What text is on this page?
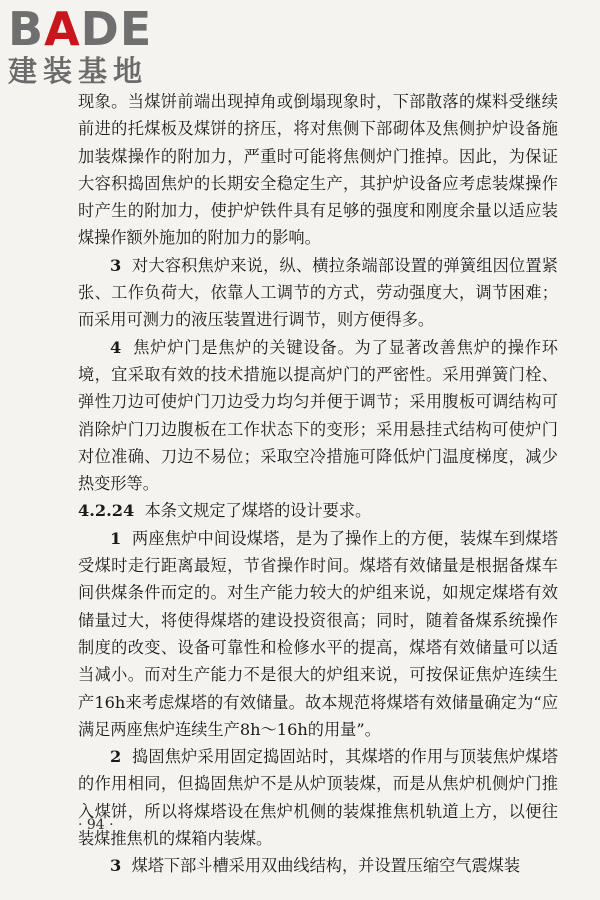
BADE
建装基地

现象。当煤饼前端出现掉角或倒塌现象时，下部散落的煤料受继续前进的托煤板及煤饼的挤压，将对焦侧下部砌体及焦侧护炉设备施加装煤操作的附加力，严重时可能将焦侧炉门推掉。因此，为保证大容积捣固焦炉的长期安全稳定生产，其护炉设备应考虑装煤操作时产生的附加力，使护炉铁件具有足够的强度和刚度余量以适应装煤操作额外施加的附加力的影响。

3 对大容积焦炉来说，纵、横拉条端部设置的弹簧组因位置紧张、工作负荷大，依靠人工调节的方式，劳动强度大，调节困难；而采用可测力的液压装置进行调节，则方便得多。

4 焦炉炉门是焦炉的关键设备。为了显著改善焦炉的操作环境，宜采取有效的技术措施以提高炉门的严密性。采用弹簧门栓、弹性刀边可使炉门刀边受力均匀并便于调节；采用腹板可调结构可消除炉门刀边腹板在工作状态下的变形；采用悬挂式结构可使炉门对位准确、刀边不易位；采取空冷措施可降低炉门温度梯度，减少热变形等。

4.2.24 本条文规定了煤塔的设计要求。

1 两座焦炉中间设煤塔，是为了操作上的方便，装煤车到煤塔受煤时走行距离最短，节省操作时间。煤塔有效储量是根据备煤车间供煤条件而定的。对生产能力较大的炉组来说，如规定煤塔有效储量过大，将使得煤塔的建设投资很高；同时，随着备煤系统操作制度的改变、设备可靠性和检修水平的提高，煤塔有效储量可以适当减小。而对生产能力不是很大的炉组来说，可按保证焦炉连续生产16h来考虑煤塔的有效储量。故本规范将煤塔有效储量确定为“应满足两座焦炉连续生产8h～16h的用量”。

2 捣固焦炉采用固定捣固站时，其煤塔的作用与顶装焦炉煤塔的作用相同，但捣固焦炉不是从炉顶装煤，而是从焦炉机侧炉门推入煤饼，所以将煤塔设在焦炉机侧的装煤推焦机轨道上方，以便往装煤推焦机的煤箱内装煤。

3 煤塔下部斗槽采用双曲线结构，并设置压缩空气震煤装

· 94 ·
